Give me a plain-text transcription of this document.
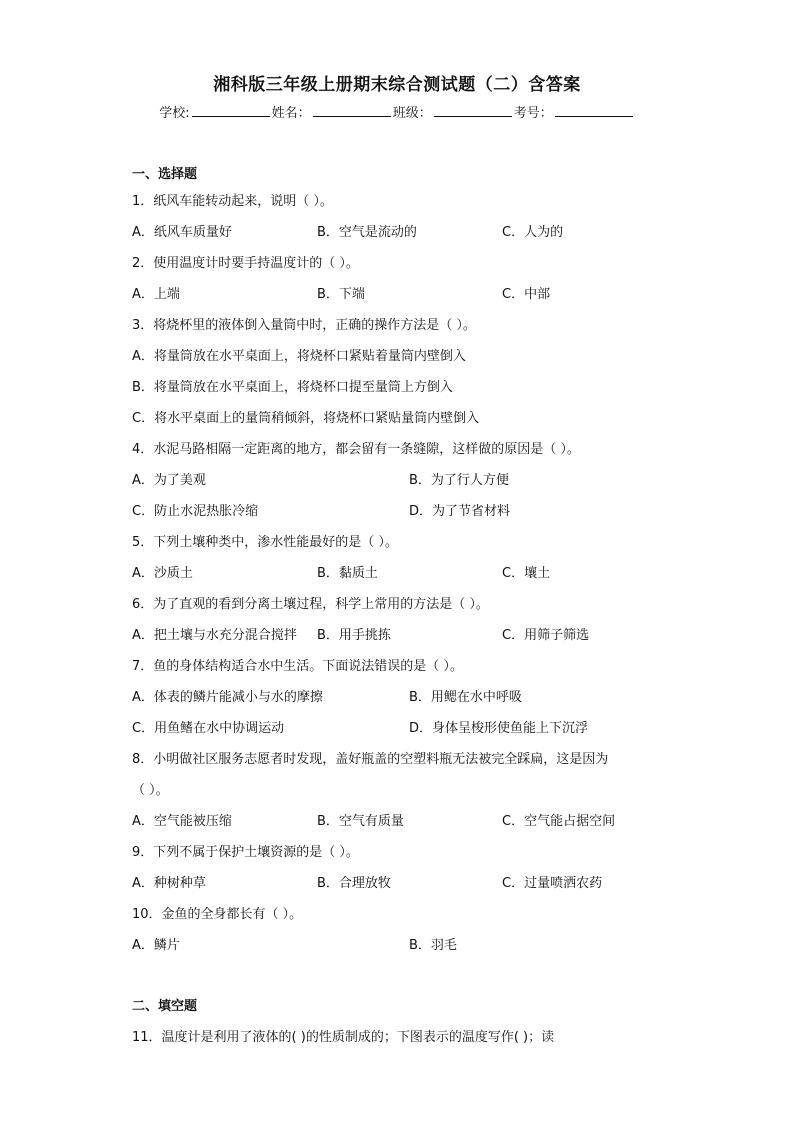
湘科版三年级上册期末综合测试题（二）含答案
学校:	姓名：	班级：	考号：
一、选择题
1．纸风车能转动起来，说明（ ）。
A．纸风车质量好	B．空气是流动的	C．人为的
2．使用温度计时要手持温度计的（ ）。
A．上端	B．下端	C．中部
3．将烧杯里的液体倒入量筒中时，正确的操作方法是（ ）。
A．将量筒放在水平桌面上，将烧杯口紧贴着量筒内壁倒入
B．将量筒放在水平桌面上，将烧杯口提至量筒上方倒入
C．将水平桌面上的量筒稍倾斜，将烧杯口紧贴量筒内壁倒入
4．水泥马路相隔一定距离的地方，都会留有一条缝隙，这样做的原因是（ ）。
A．为了美观	B．为了行人方便
C．防止水泥热胀冷缩	D．为了节省材料
5．下列土壤种类中，渗水性能最好的是（ ）。
A．沙质土	B．黏质土	C．壤土
6．为了直观的看到分离土壤过程，科学上常用的方法是（ ）。
A．把土壤与水充分混合搅拌 B．用手挑拣	C．用筛子筛选
7．鱼的身体结构适合水中生活。下面说法错误的是（ ）。
A．体表的鳞片能减小与水的摩擦	B．用鳃在水中呼吸
C．用鱼鳍在水中协调运动	D．身体呈梭形使鱼能上下沉浮
8．小明做社区服务志愿者时发现，盖好瓶盖的空塑料瓶无法被完全踩扁，这是因为
（ ）。
A．空气能被压缩	B．空气有质量	C．空气能占据空间
9．下列不属于保护土壤资源的是（ ）。
A．种树种草	B．合理放牧	C．过量喷洒农药
10．金鱼的全身都长有（ ）。
A．鳞片	B．羽毛
二、填空题
11．温度计是利用了液体的( )的性质制成的；下图表示的温度写作( )；读
